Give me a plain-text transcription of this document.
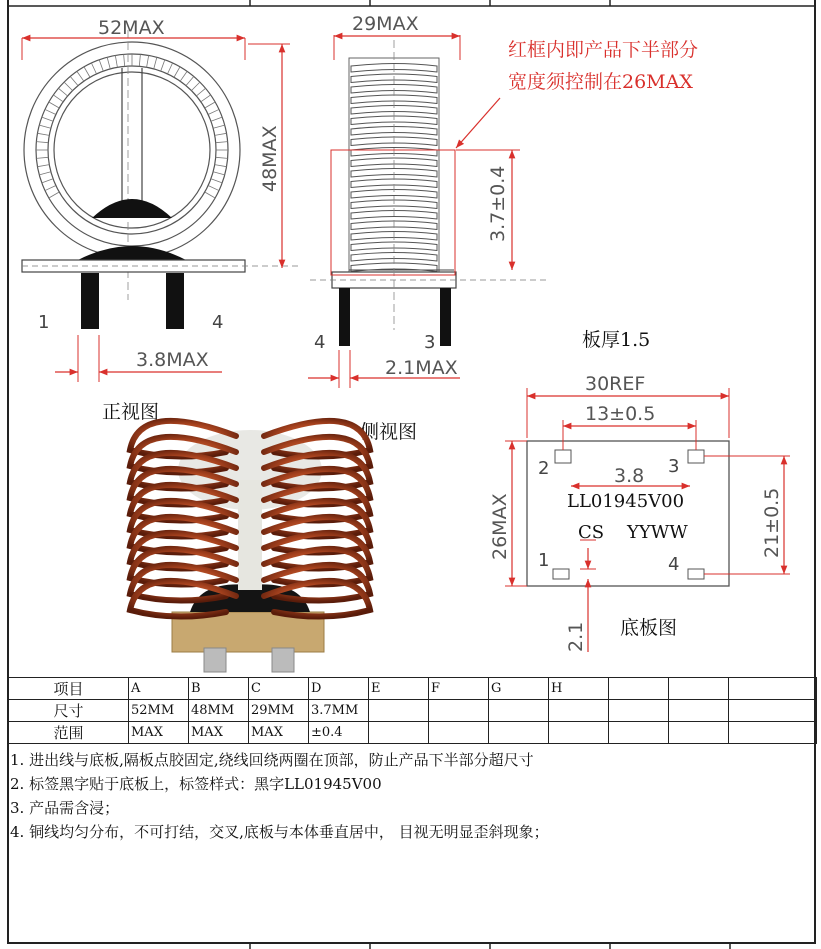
1	4
52MAX
48MAX
3.8MAX
4	3
29MAX
3.7±0.4
2.1MAX
红框内即产品下半部分
宽度须控制在26MAX
正视图
侧视图
板厚1.5
2	3
1	4
LL01945V00
CS    YYWW
30REF
13±0.5
3.8
26MAX	21±0.5
2.1 底板图
项目	A	B	C	D	E	F	G	H				
尺寸	52MM	48MM	29MM	3.7MM								
范围	MAX	MAX	MAX	±0.4								
1. 进出线与底板,隔板点胶固定,绕线回绕两圈在顶部，防止产品下半部分超尺寸
2. 标签黑字贴于底板上，标签样式：黑字LL01945V00
3. 产品需含浸；
4. 铜线均匀分布，不可打结，交叉,底板与本体垂直居中， 目视无明显歪斜现象；
